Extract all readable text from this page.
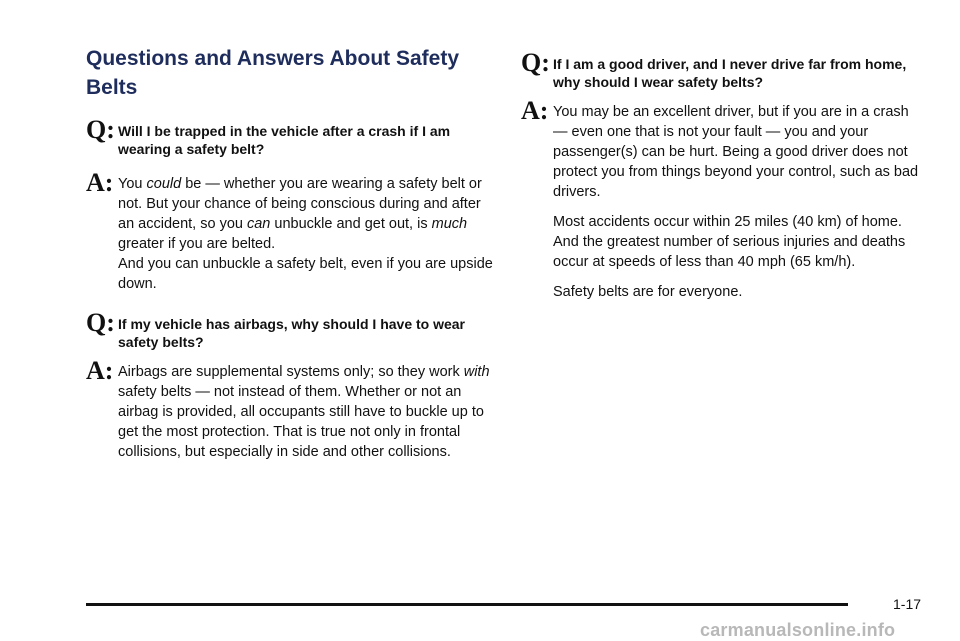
Questions and Answers About Safety Belts
Q: Will I be trapped in the vehicle after a crash if I am wearing a safety belt?

A: You could be — whether you are wearing a safety belt or not. But your chance of being conscious during and after an accident, so you can unbuckle and get out, is much greater if you are belted.

And you can unbuckle a safety belt, even if you are upside down.

Q: If my vehicle has airbags, why should I have to wear safety belts?

A: Airbags are supplemental systems only; so they work with safety belts — not instead of them. Whether or not an airbag is provided, all occupants still have to buckle up to get the most protection. That is true not only in frontal collisions, but especially in side and other collisions.

Q: If I am a good driver, and I never drive far from home, why should I wear safety belts?

A: You may be an excellent driver, but if you are in a crash — even one that is not your fault — you and your passenger(s) can be hurt. Being a good driver does not protect you from things beyond your control, such as bad drivers.

Most accidents occur within 25 miles (40 km) of home. And the greatest number of serious injuries and deaths occur at speeds of less than 40 mph (65 km/h).

Safety belts are for everyone.

1-17
carmanualsonline.info
